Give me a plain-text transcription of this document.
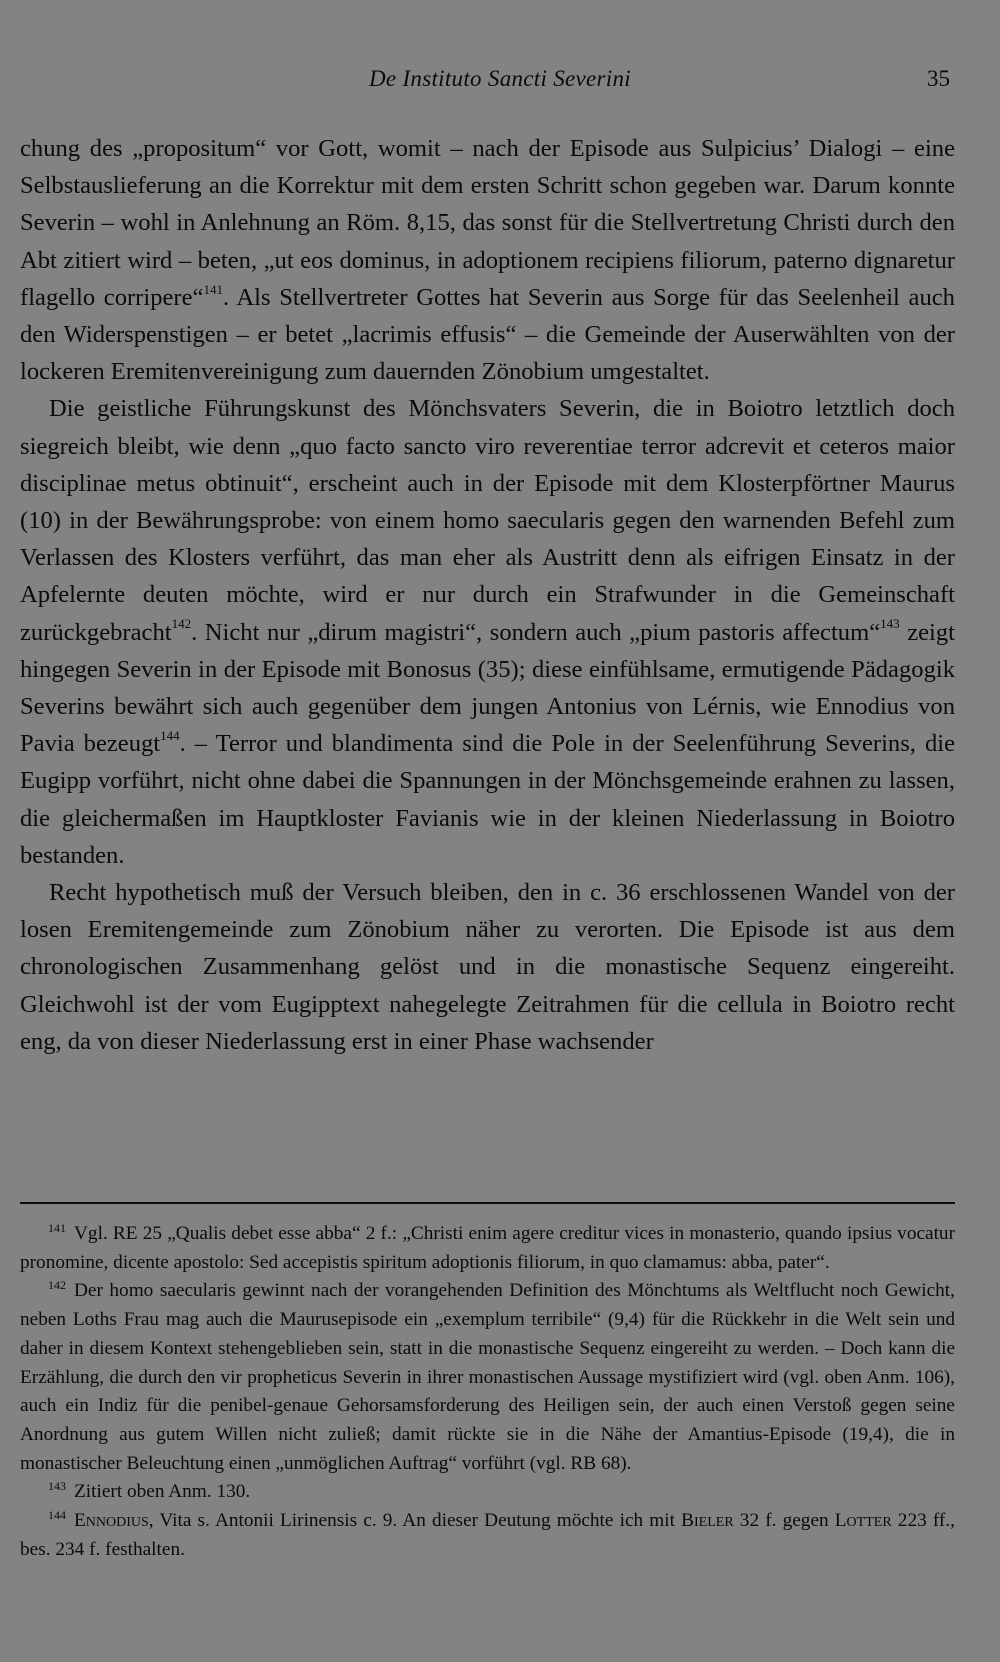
De Instituto Sancti Severini	35

chung des „propositum“ vor Gott, womit – nach der Episode aus Sulpicius’ Dialogi – eine Selbstauslieferung an die Korrektur mit dem ersten Schritt schon gegeben war. Darum konnte Severin – wohl in Anlehnung an Röm. 8,15, das sonst für die Stellvertretung Christi durch den Abt zitiert wird – beten, „ut eos dominus, in adoptionem recipiens filiorum, paterno dignaretur flagello corripere“$^{141}$. Als Stellvertreter Gottes hat Severin aus Sorge für das Seelenheil auch den Widerspenstigen – er betet „lacrimis effusis“ – die Gemeinde der Auserwählten von der lockeren Eremitenvereinigung zum dauernden Zönobium umgestaltet.

Die geistliche Führungskunst des Mönchsvaters Severin, die in Boiotro letztlich doch siegreich bleibt, wie denn „quo facto sancto viro reverentiae terror adcrevit et ceteros maior disciplinae metus obtinuit“, erscheint auch in der Episode mit dem Klosterpförtner Maurus (10) in der Bewährungsprobe: von einem homo saecularis gegen den warnenden Befehl zum Verlassen des Klosters verführt, das man eher als Austritt denn als eifrigen Einsatz in der Apfelernte deuten möchte, wird er nur durch ein Strafwunder in die Gemeinschaft zurückgebracht$^{142}$. Nicht nur „dirum magistri“, sondern auch „pium pastoris affectum“$^{143}$ zeigt hingegen Severin in der Episode mit Bonosus (35); diese einfühlsame, ermutigende Pädagogik Severins bewährt sich auch gegenüber dem jungen Antonius von Lérnis, wie Ennodius von Pavia bezeugt$^{144}$. – Terror und blandimenta sind die Pole in der Seelenführung Severins, die Eugipp vorführt, nicht ohne dabei die Spannungen in der Mönchsgemeinde erahnen zu lassen, die gleichermaßen im Hauptkloster Favianis wie in der kleinen Niederlassung in Boiotro bestanden.

Recht hypothetisch muß der Versuch bleiben, den in c. 36 erschlossenen Wandel von der losen Eremitengemeinde zum Zönobium näher zu verorten. Die Episode ist aus dem chronologischen Zusammenhang gelöst und in die monastische Sequenz eingereiht. Gleichwohl ist der vom Eugipptext nahegelegte Zeitrahmen für die cellula in Boiotro recht eng, da von dieser Niederlassung erst in einer Phase wachsender

$^{141}$ Vgl. RE 25 „Qualis debet esse abba“ 2 f.: „Christi enim agere creditur vices in monasterio, quando ipsius vocatur pronomine, dicente apostolo: Sed accepistis spiritum adoptionis filiorum, in quo clamamus: abba, pater“.

$^{142}$ Der homo saecularis gewinnt nach der vorangehenden Definition des Mönchtums als Weltflucht noch Gewicht, neben Loths Frau mag auch die Maurusepisode ein „exemplum terribile“ (9,4) für die Rückkehr in die Welt sein und daher in diesem Kontext stehengeblieben sein, statt in die monastische Sequenz eingereiht zu werden. – Doch kann die Erzählung, die durch den vir propheticus Severin in ihrer monastischen Aussage mystifiziert wird (vgl. oben Anm. 106), auch ein Indiz für die penibel-genaue Gehorsamsforderung des Heiligen sein, der auch einen Verstoß gegen seine Anordnung aus gutem Willen nicht zuließ; damit rückte sie in die Nähe der Amantius-Episode (19,4), die in monastischer Beleuchtung einen „unmöglichen Auftrag“ vorführt (vgl. RB 68).

$^{143}$ Zitiert oben Anm. 130.

$^{144}$ Ennodius, Vita s. Antonii Lirinensis c. 9. An dieser Deutung möchte ich mit Bieler 32 f. gegen Lotter 223 ff., bes. 234 f. festhalten.
